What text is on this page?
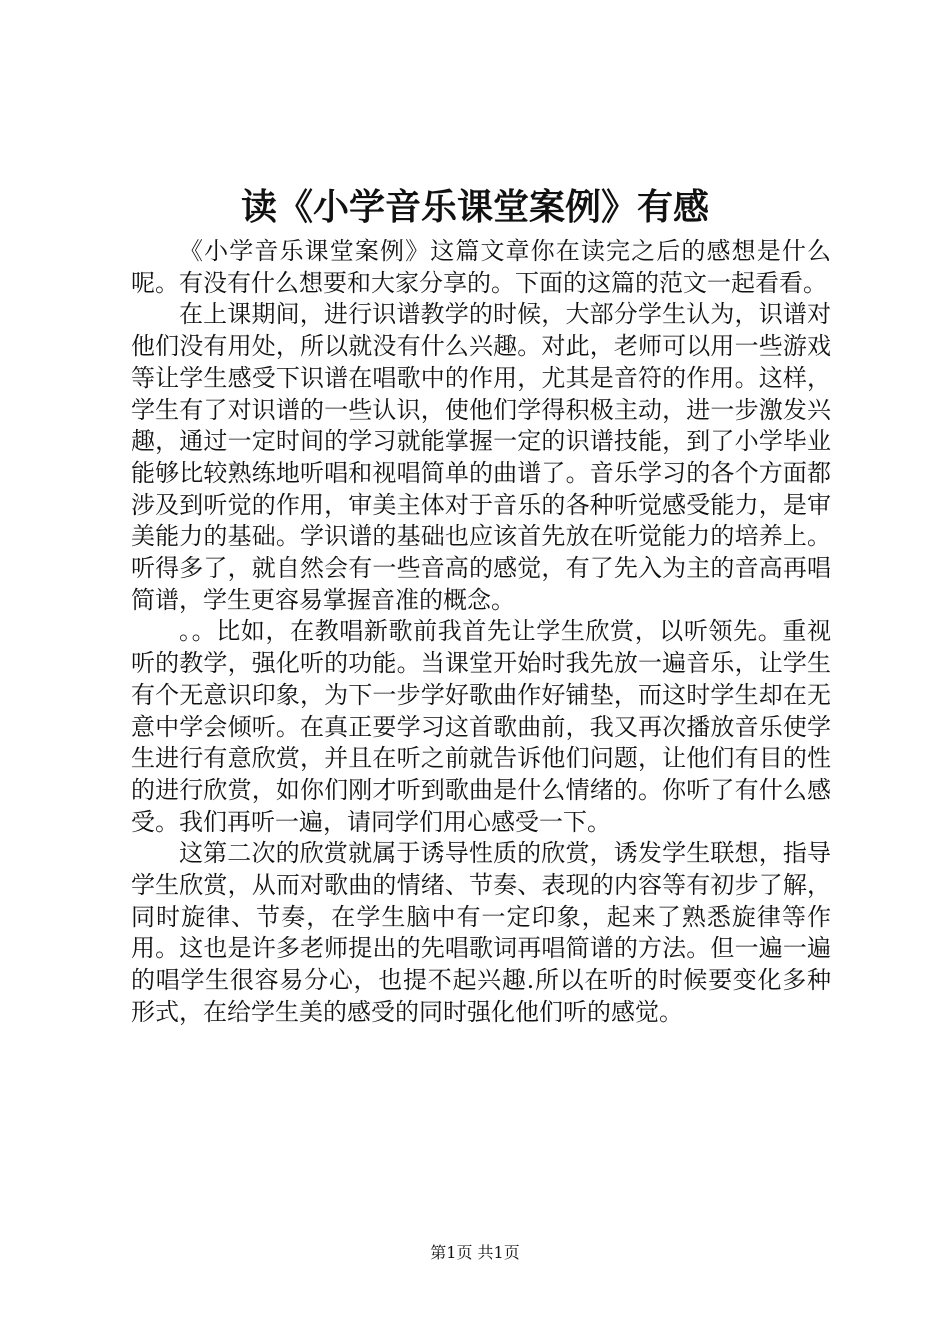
读《小学音乐课堂案例》有感

《小学音乐课堂案例》这篇文章你在读完之后的感想是什么呢。有没有什么想要和大家分享的。下面的这篇的范文一起看看。

在上课期间，进行识谱教学的时候，大部分学生认为，识谱对他们没有用处，所以就没有什么兴趣。对此，老师可以用一些游戏等让学生感受下识谱在唱歌中的作用，尤其是音符的作用。这样，学生有了对识谱的一些认识，使他们学得积极主动，进一步激发兴趣，通过一定时间的学习就能掌握一定的识谱技能，到了小学毕业能够比较熟练地听唱和视唱简单的曲谱了。音乐学习的各个方面都涉及到听觉的作用，审美主体对于音乐的各种听觉感受能力，是审美能力的基础。学识谱的基础也应该首先放在听觉能力的培养上。听得多了，就自然会有一些音高的感觉，有了先入为主的音高再唱简谱，学生更容易掌握音准的概念。

。。比如，在教唱新歌前我首先让学生欣赏，以听领先。重视听的教学，强化听的功能。当课堂开始时我先放一遍音乐，让学生有个无意识印象，为下一步学好歌曲作好铺垫，而这时学生却在无意中学会倾听。在真正要学习这首歌曲前，我又再次播放音乐使学生进行有意欣赏，并且在听之前就告诉他们问题，让他们有目的性的进行欣赏，如你们刚才听到歌曲是什么情绪的。你听了有什么感受。我们再听一遍，请同学们用心感受一下。

这第二次的欣赏就属于诱导性质的欣赏，诱发学生联想，指导学生欣赏，从而对歌曲的情绪、节奏、表现的内容等有初步了解，同时旋律、节奏，在学生脑中有一定印象，起来了熟悉旋律等作用。这也是许多老师提出的先唱歌词再唱简谱的方法。但一遍一遍的唱学生很容易分心，也提不起兴趣.所以在听的时候要变化多种形式，在给学生美的感受的同时强化他们听的感觉。

第1页 共1页
